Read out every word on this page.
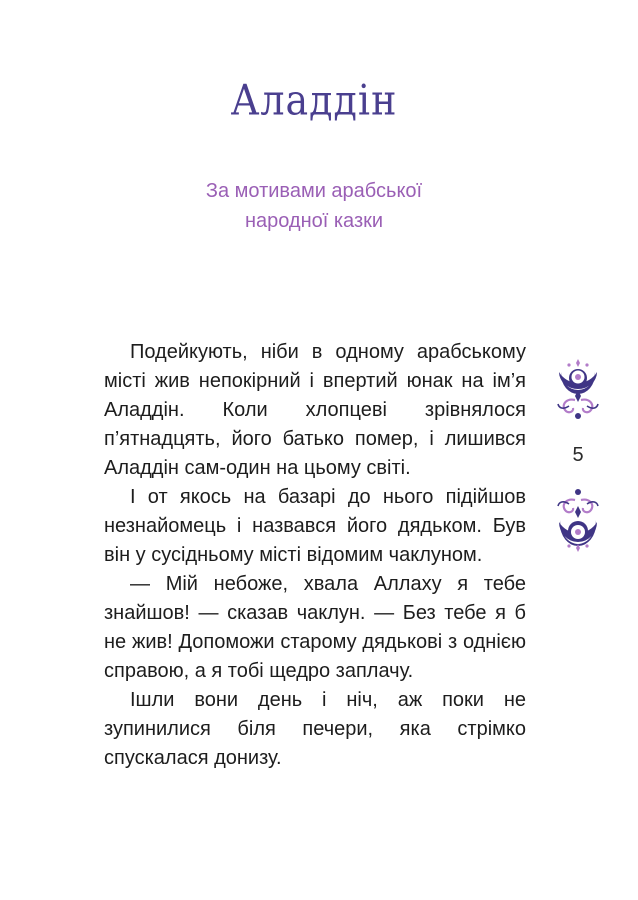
Аладдін
За мотивами арабської
народної казки

Подейкують, ніби в одному арабському місті жив непокірний і впертий юнак на ім’я Аладдін. Коли хлопцеві зрівнялося п’ятнадцять, його батько помер, і лишився Аладдін сам-один на цьому світі.

І от якось на базарі до нього підійшов незнайомець і назвався його дядьком. Був він у сусідньому місті відомим чаклуном.

— Мій небоже, хвала Аллаху я тебе знайшов! — сказав чаклун. — Без тебе я б не жив! Допоможи старому дядькові з однією справою, а я тобі щедро заплачу.

Ішли вони день і ніч, аж поки не зупинилися біля печери, яка стрімко спускалася донизу.

5
